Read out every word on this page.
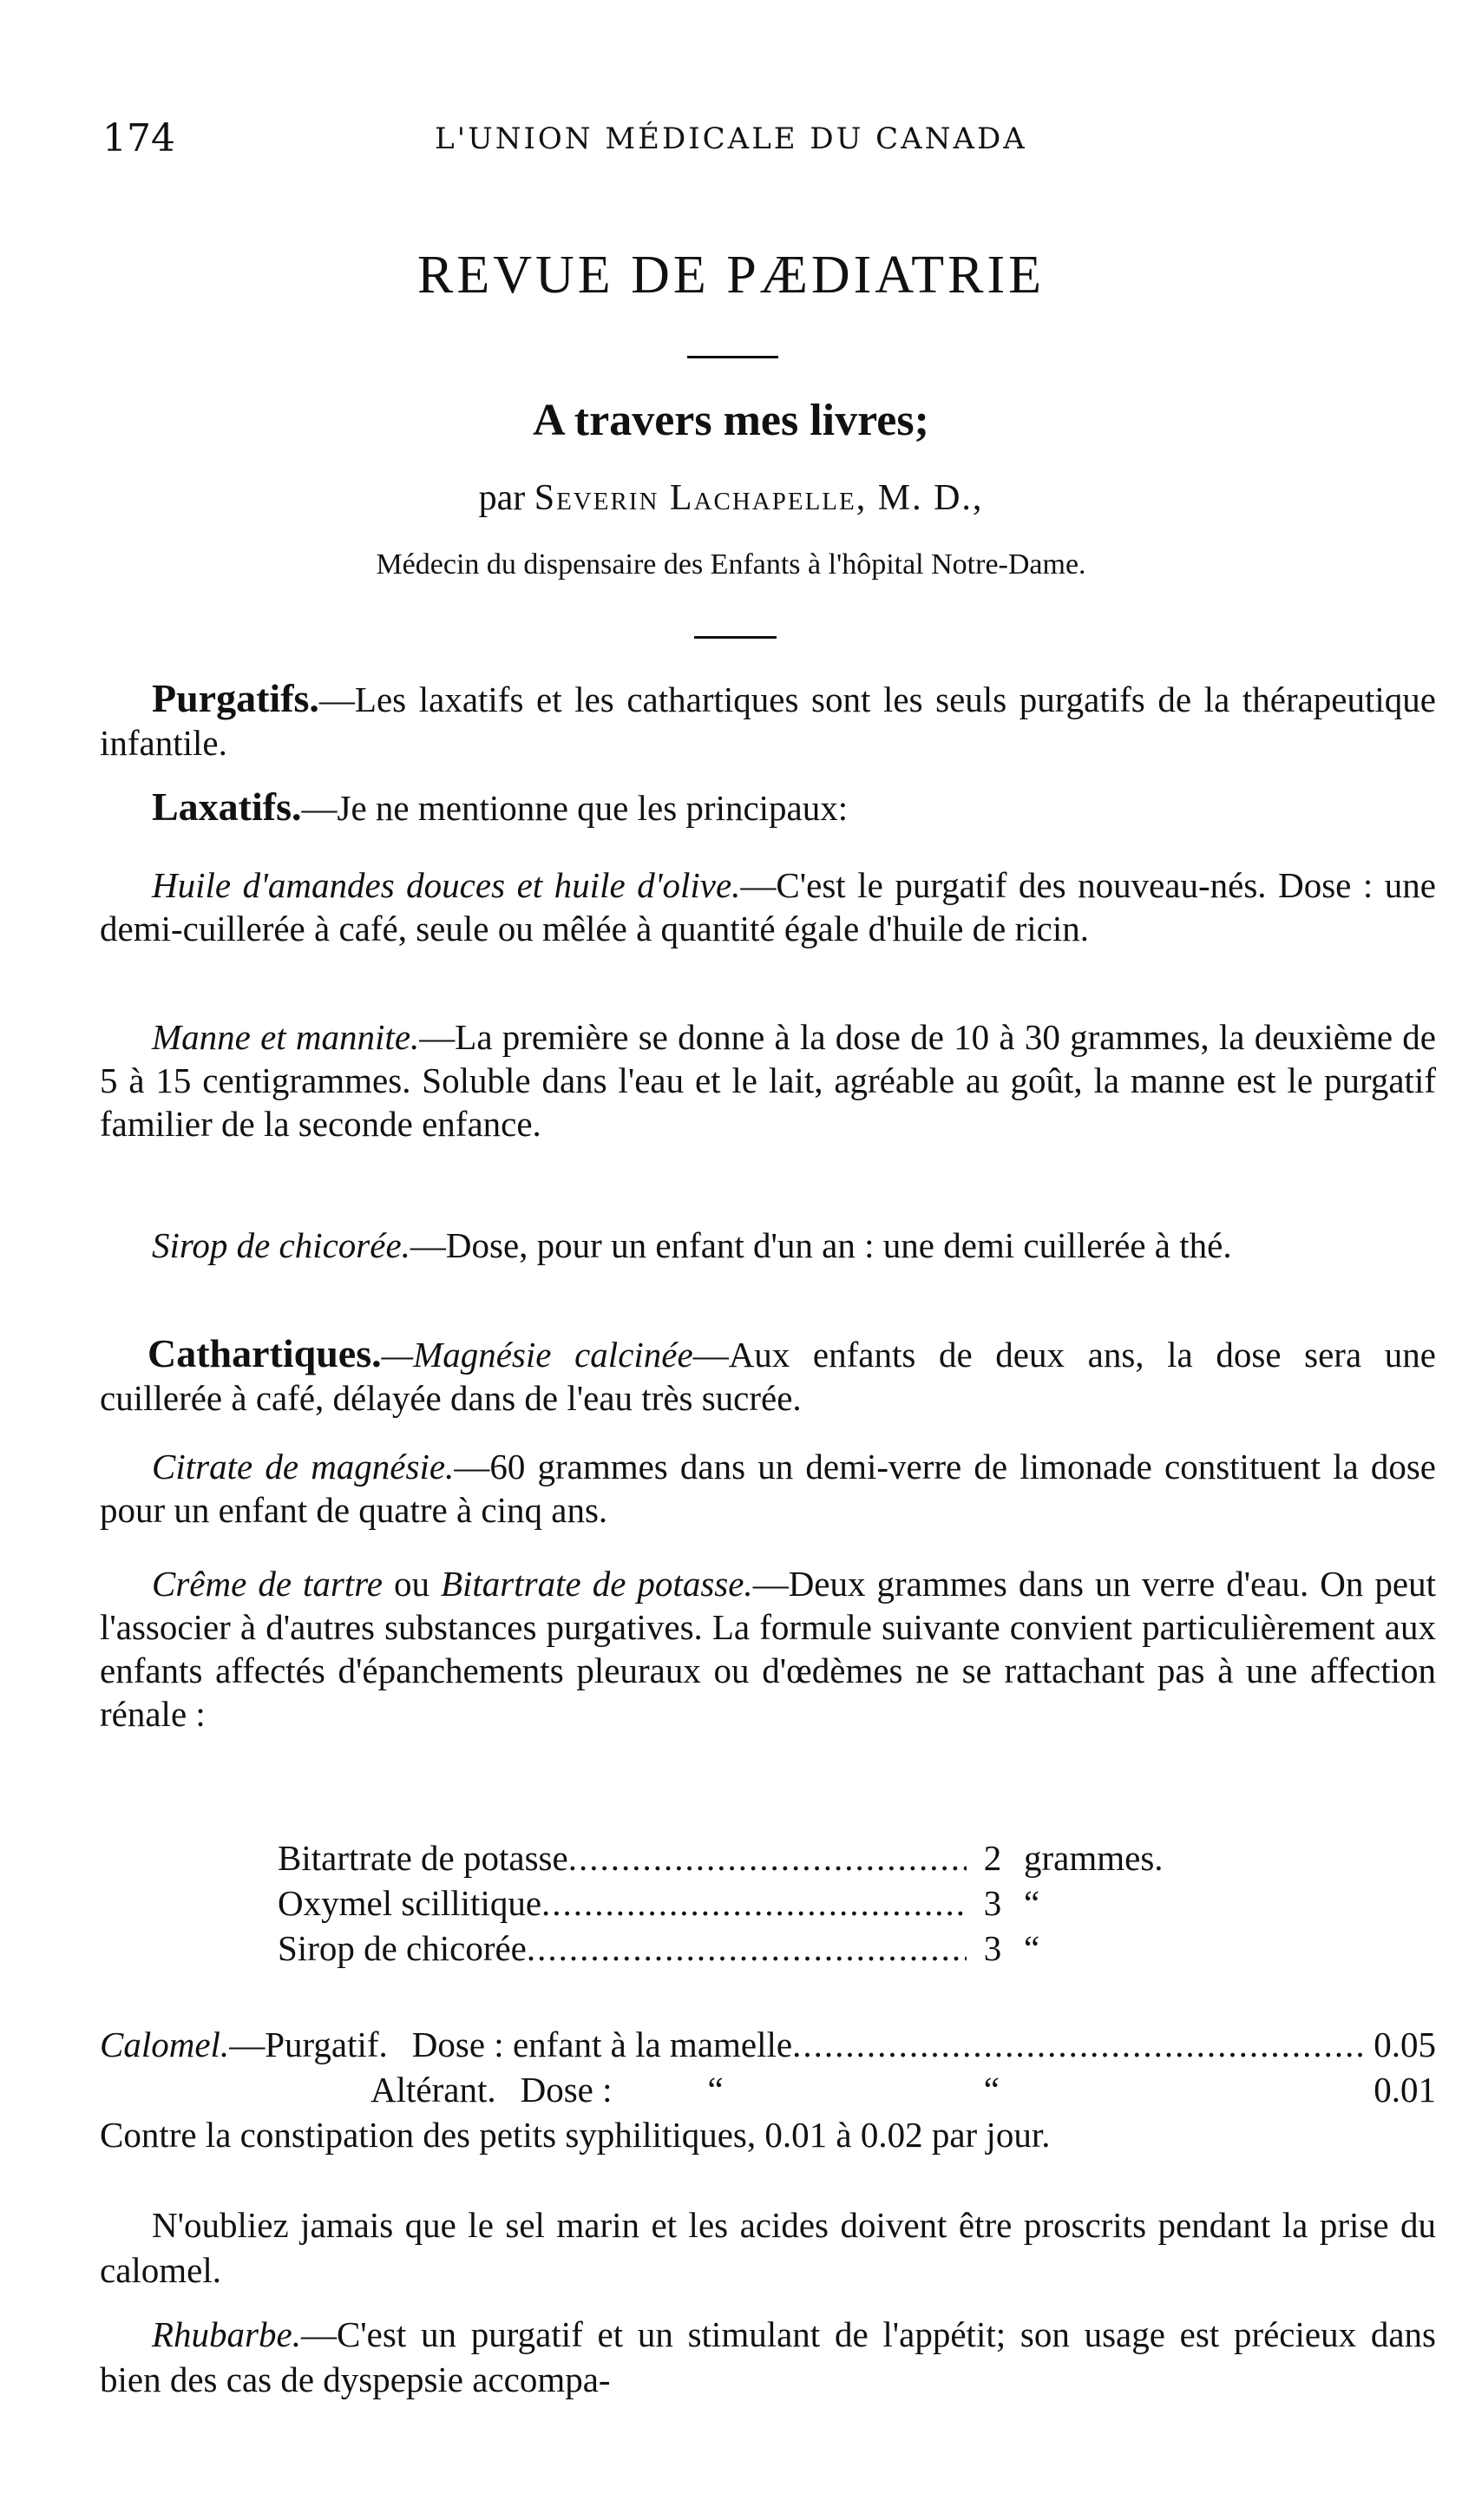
174	L'UNION MÉDICALE DU CANADA
REVUE DE PÆDIATRIE
A travers mes livres;
par Severin Lachapelle, M. D.,
Médecin du dispensaire des Enfants à l'hôpital Notre-Dame.

Purgatifs.—Les laxatifs et les cathartiques sont les seuls purgatifs de la thérapeutique infantile.

Laxatifs.—Je ne mentionne que les principaux:

Huile d'amandes douces et huile d'olive.—C'est le purgatif des nouveau-nés. Dose : une demi-cuillerée à café, seule ou mêlée à quantité égale d'huile de ricin.

Manne et mannite.—La première se donne à la dose de 10 à 30 grammes, la deuxième de 5 à 15 centigrammes. Soluble dans l'eau et le lait, agréable au goût, la manne est le purgatif familier de la seconde enfance.

Sirop de chicorée.—Dose, pour un enfant d'un an : une demi cuillerée à thé.

Cathartiques.—Magnésie calcinée—Aux enfants de deux ans, la dose sera une cuillerée à café, délayée dans de l'eau très sucrée.

Citrate de magnésie.—60 grammes dans un demi-verre de limonade constituent la dose pour un enfant de quatre à cinq ans.

Crême de tartre ou Bitartrate de potasse.—Deux grammes dans un verre d'eau. On peut l'associer à d'autres substances purgatives. La formule suivante convient particulièrement aux enfants affectés d'épanchements pleuraux ou d'œdèmes ne se rattachant pas à une affection rénale :

Bitartrate de potasse .....	2 grammes.
Oxymel scillitique .....	3 “
Sirop de chicorée .....	3 “
Calomel. —Purgatif. Dose : enfant à la mamelle .....	0.05
Altérant. Dose :	“	“	0.01

Contre la constipation des petits syphilitiques, 0.01 à 0.02 par jour.

N'oubliez jamais que le sel marin et les acides doivent être proscrits pendant la prise du calomel.

Rhubarbe.—C'est un purgatif et un stimulant de l'appétit; son usage est précieux dans bien des cas de dyspepsie accompa-
